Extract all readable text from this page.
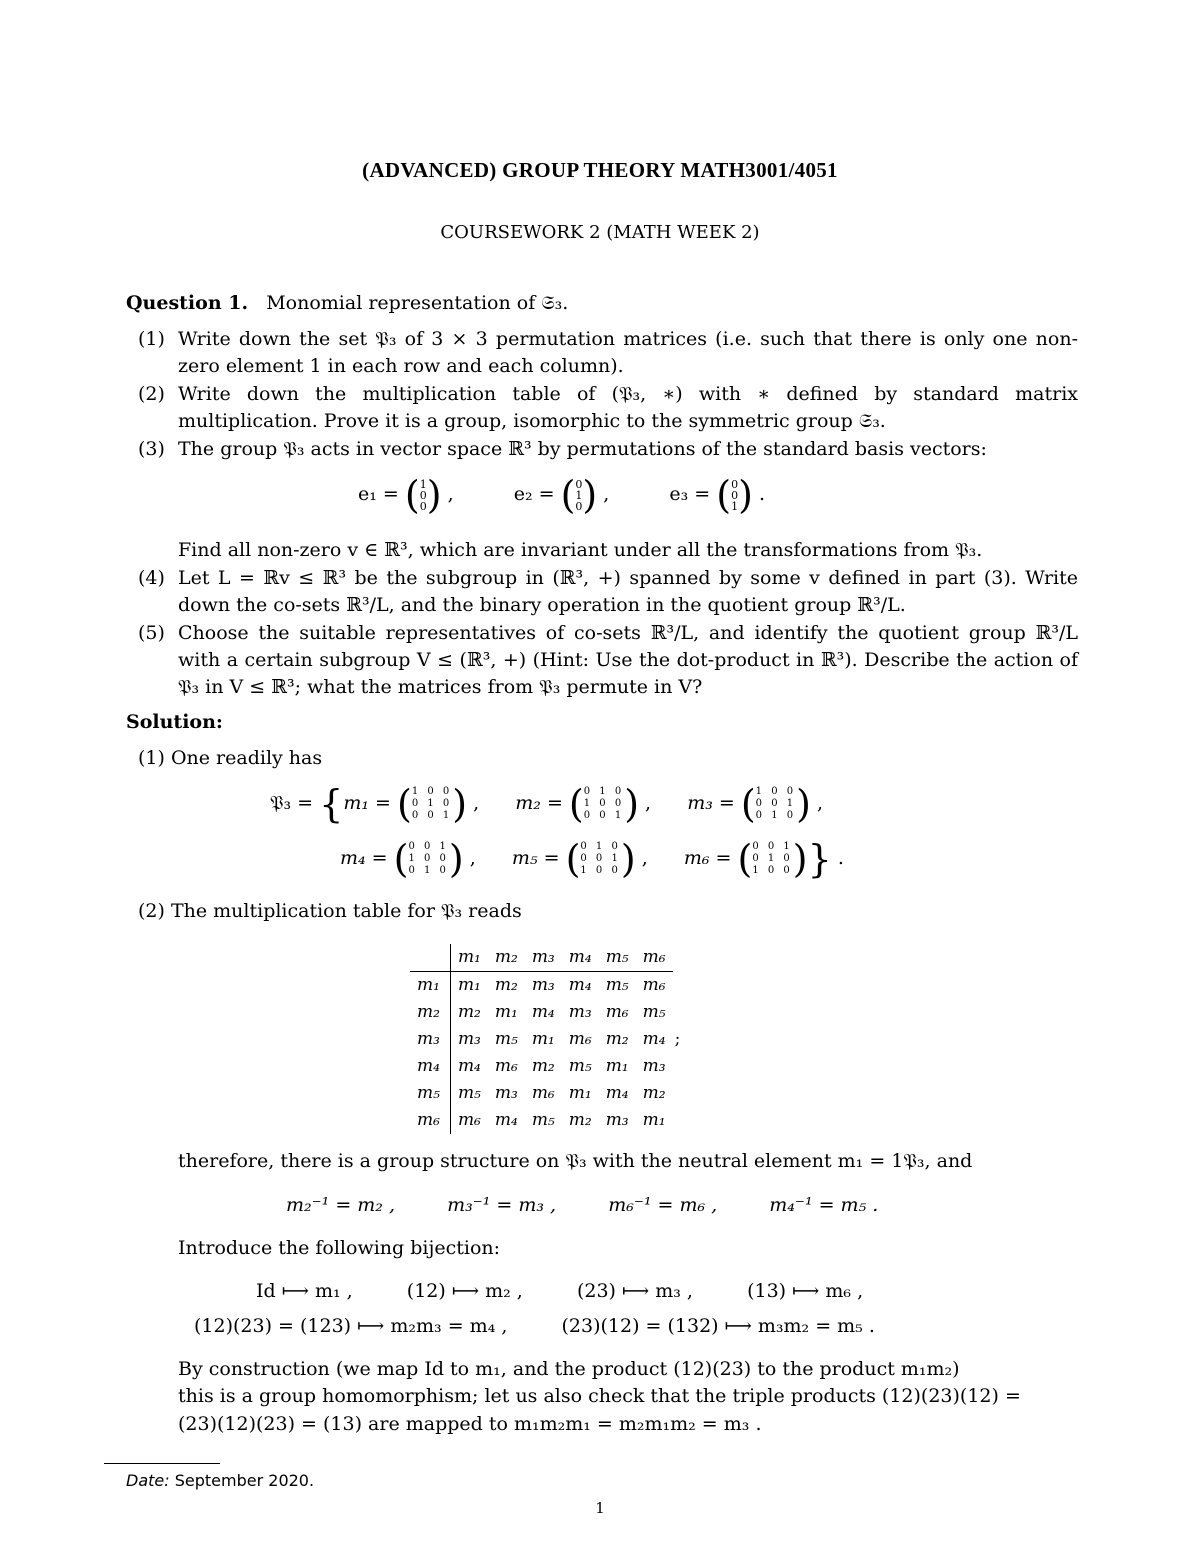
(ADVANCED) GROUP THEORY MATH3001/4051
COURSEWORK 2 (MATH WEEK 2)
Question 1. Monomial representation of 𝔖₃.
(1) Write down the set 𝔓₃ of 3 × 3 permutation matrices (i.e. such that there is only one non-zero element 1 in each row and each column).
(2) Write down the multiplication table of (𝔓₃, ∗) with ∗ defined by standard matrix multiplication. Prove it is a group, isomorphic to the symmetric group 𝔖₃.
(3) The group 𝔓₃ acts in vector space ℝ³ by permutations of the standard basis vectors:
e₁ = (1
0
0) ,	e₂ = (0
1
0) ,	e₃ = (0
0
1) .
Find all non-zero v ∈ ℝ³, which are invariant under all the transformations from 𝔓₃.
(4) Let L = ℝv ≤ ℝ³ be the subgroup in (ℝ³, +) spanned by some v defined in part (3). Write down the co-sets ℝ³/L, and the binary operation in the quotient group ℝ³/L.
(5) Choose the suitable representatives of co-sets ℝ³/L, and identify the quotient group ℝ³/L with a certain subgroup V ≤ (ℝ³, +) (Hint: Use the dot-product in ℝ³). Describe the action of 𝔓₃ in V ≤ ℝ³; what the matrices from 𝔓₃ permute in V?
Solution:
(1) One readily has
𝔓₃ = {m₁ = (1 0 0
0 1 0
0 0 1) ,  m₂ = (0 1 0
1 0 0
0 0 1) ,  m₃ = (1 0 0
0 0 1
0 1 0) ,
m₄ = (0 0 1
1 0 0
0 1 0) ,  m₅ = (0 1 0
0 0 1
1 0 0) ,  m₆ = (0 0 1
0 1 0
1 0 0)} .
(2) The multiplication table for 𝔓₃ reads
	m₁	m₂	m₃	m₄	m₅	m₆	
m₁	m₁	m₂	m₃	m₄	m₅	m₆	
m₂	m₂	m₁	m₄	m₃	m₆	m₅	
m₃	m₃	m₅	m₁	m₆	m₂	m₄	;
m₄	m₄	m₆	m₂	m₅	m₁	m₃	
m₅	m₅	m₃	m₆	m₁	m₄	m₂	
m₆	m₆	m₄	m₅	m₂	m₃	m₁	
therefore, there is a group structure on 𝔓₃ with the neutral element m₁ = 1𝔓₃, and
m₂⁻¹ = m₂ ,	m₃⁻¹ = m₃ ,	m₆⁻¹ = m₆ ,	m₄⁻¹ = m₅ .
Introduce the following bijection:
Id ⟼ m₁ ,	(12) ⟼ m₂ ,	(23) ⟼ m₃ ,	(13) ⟼ m₆ ,
(12)(23) = (123) ⟼ m₂m₃ = m₄ ,	(23)(12) = (132) ⟼ m₃m₂ = m₅ .
By construction (we map Id to m₁, and the product (12)(23) to the product m₁m₂)
this is a group homomorphism; let us also check that the triple products (12)(23)(12) =
(23)(12)(23) = (13) are mapped to m₁m₂m₁ = m₂m₁m₂ = m₃ .
Date: September 2020.
1
